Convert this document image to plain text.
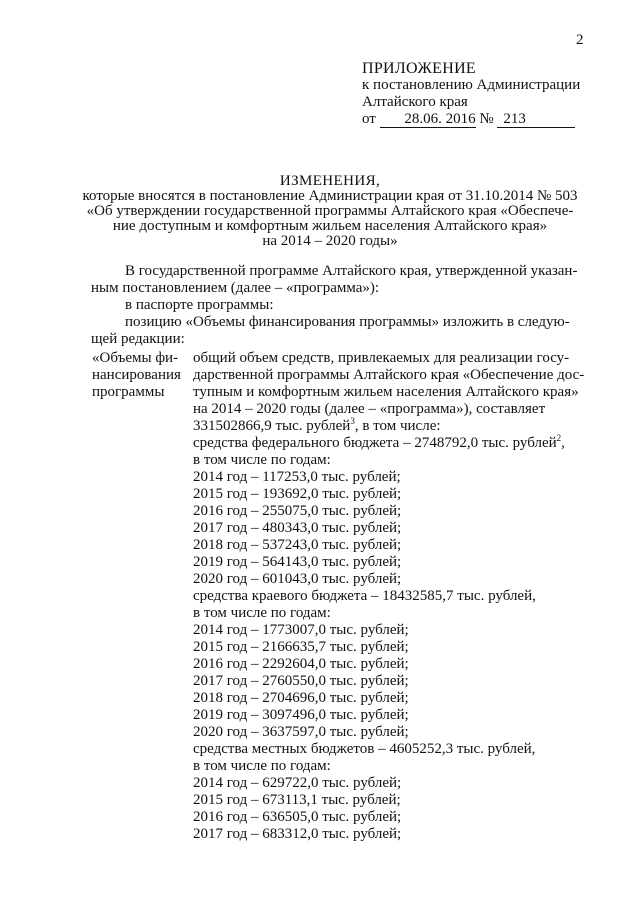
2
ПРИЛОЖЕНИЕ
к постановлению Администрации
Алтайского края
от 28.06. 2016 № 213
ИЗМЕНЕНИЯ,
которые вносятся в постановление Администрации края от 31.10.2014 № 503
«Об утверждении государственной программы Алтайского края «Обеспече-
ние доступным и комфортным жильем населения Алтайского края»
на 2014 – 2020 годы»
В государственной программе Алтайского края, утвержденной указан-
ным постановлением (далее – «программа»):
в паспорте программы:
позицию «Объемы финансирования программы» изложить в следую-
щей редакции:
«Объемы фи-
нансирования
программы
общий объем средств, привлекаемых для реализации госу-
дарственной программы Алтайского края «Обеспечение дос-
тупным и комфортным жильем населения Алтайского края»
на 2014 – 2020 годы (далее – «программа»), составляет
331502866,9 тыс. рублей$^3$, в том числе:
средства федерального бюджета – 2748792,0 тыс. рублей$^2$,
в том числе по годам:
2014 год – 117253,0 тыс. рублей;
2015 год – 193692,0 тыс. рублей;
2016 год – 255075,0 тыс. рублей;
2017 год – 480343,0 тыс. рублей;
2018 год – 537243,0 тыс. рублей;
2019 год – 564143,0 тыс. рублей;
2020 год – 601043,0 тыс. рублей;
средства краевого бюджета – 18432585,7 тыс. рублей,
в том числе по годам:
2014 год – 1773007,0 тыс. рублей;
2015 год – 2166635,7 тыс. рублей;
2016 год – 2292604,0 тыс. рублей;
2017 год – 2760550,0 тыс. рублей;
2018 год – 2704696,0 тыс. рублей;
2019 год – 3097496,0 тыс. рублей;
2020 год – 3637597,0 тыс. рублей;
средства местных бюджетов – 4605252,3 тыс. рублей,
в том числе по годам:
2014 год – 629722,0 тыс. рублей;
2015 год – 673113,1 тыс. рублей;
2016 год – 636505,0 тыс. рублей;
2017 год – 683312,0 тыс. рублей;
